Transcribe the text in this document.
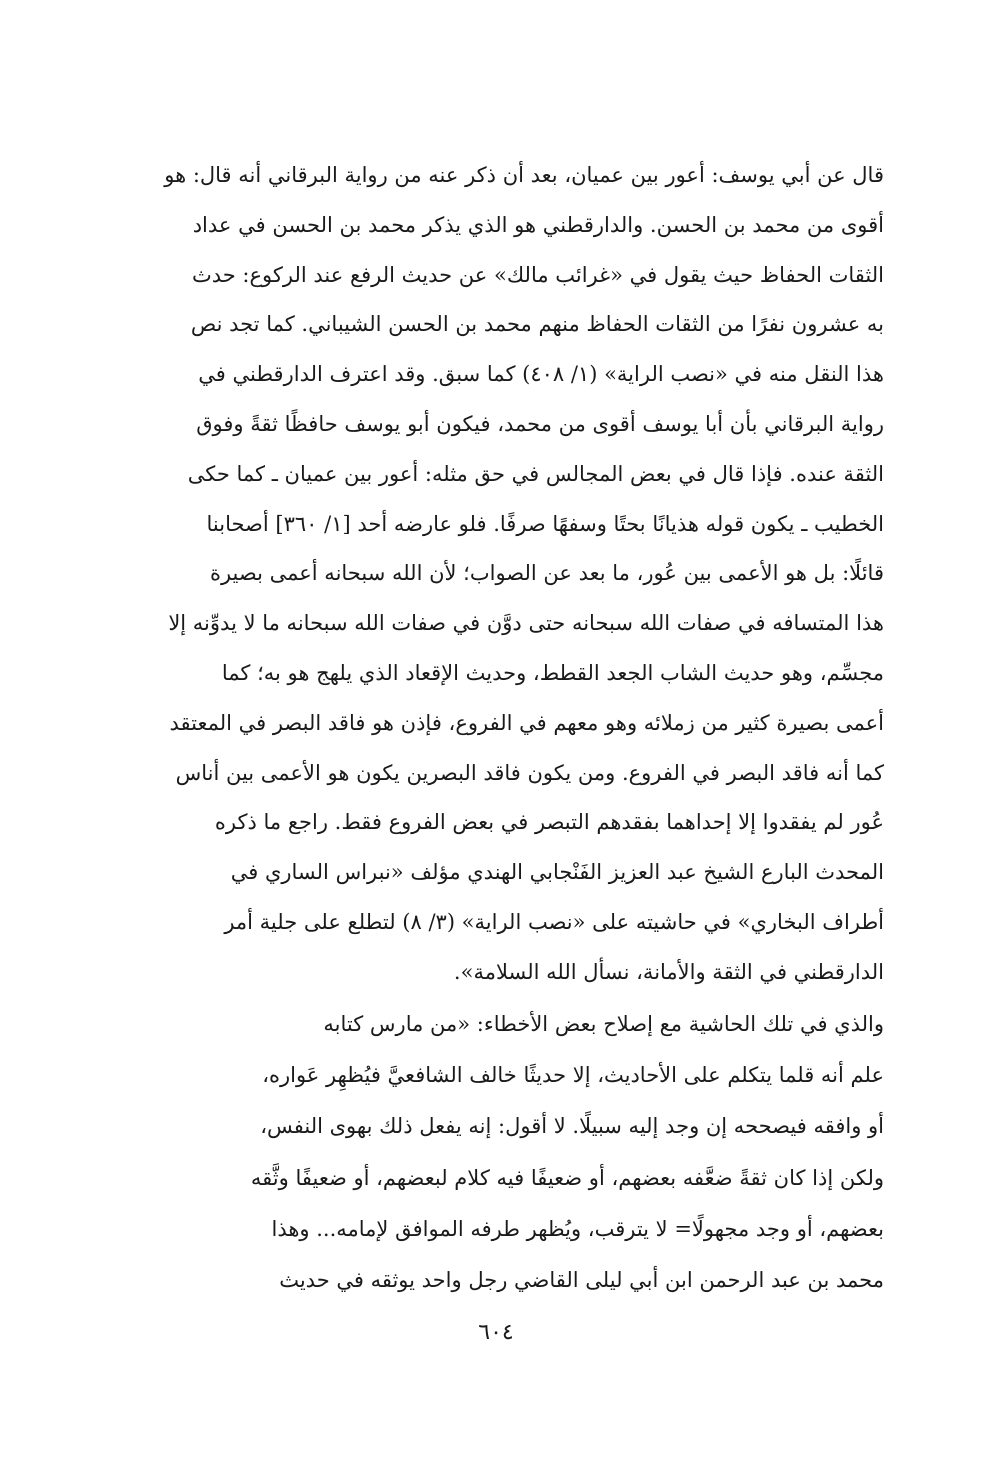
قال عن أبي يوسف: أعور بين عميان، بعد أن ذكر عنه من رواية البرقاني أنه قال: هو
أقوى من محمد بن الحسن. والدارقطني هو الذي يذكر محمد بن الحسن في عداد
الثقات الحفاظ حيث يقول في «غرائب مالك» عن حديث الرفع عند الركوع: حدث
به عشرون نفرًا من الثقات الحفاظ منهم محمد بن الحسن الشيباني. كما تجد نص
هذا النقل منه في «نصب الراية» (١/ ٤٠٨) كما سبق. وقد اعترف الدارقطني في
رواية البرقاني بأن أبا يوسف أقوى من محمد، فيكون أبو يوسف حافظًا ثقةً وفوق
الثقة عنده. فإذا قال في بعض المجالس في حق مثله: أعور بين عميان ـ كما حكى
الخطيب ـ يكون قوله هذيانًا بحتًا وسفهًا صرفًا. فلو عارضه أحد [١/ ٣٦٠] أصحابنا
قائلًا: بل هو الأعمى بين عُور، ما بعد عن الصواب؛ لأن الله سبحانه أعمى بصيرة
هذا المتسافه في صفات الله سبحانه حتى دوَّن في صفات الله سبحانه ما لا يدوِّنه إلا
مجسِّم، وهو حديث الشاب الجعد القطط، وحديث الإقعاد الذي يلهج هو به؛ كما
أعمى بصيرة كثير من زملائه وهو معهم في الفروع، فإذن هو فاقد البصر في المعتقد
كما أنه فاقد البصر في الفروع. ومن يكون فاقد البصرين يكون هو الأعمى بين أناس
عُور لم يفقدوا إلا إحداهما بفقدهم التبصر في بعض الفروع فقط. راجع ما ذكره
المحدث البارع الشيخ عبد العزيز الفَنْجابي الهندي مؤلف «نبراس الساري في
أطراف البخاري» في حاشيته على «نصب الراية» (٣/ ٨) لتطلع على جلية أمر
الدارقطني في الثقة والأمانة، نسأل الله السلامة».
والذي في تلك الحاشية مع إصلاح بعض الأخطاء: «من مارس كتابه
علم أنه قلما يتكلم على الأحاديث، إلا حديثًا خالف الشافعيَّ فيُظهِر عَواره،
أو وافقه فيصححه إن وجد إليه سبيلًا. لا أقول: إنه يفعل ذلك بهوى النفس،
ولكن إذا كان ثقةً ضعَّفه بعضهم، أو ضعيفًا فيه كلام لبعضهم، أو ضعيفًا وثَّقه
بعضهم، أو وجد مجهولًا= لا يترقب، ويُظهر طرفه الموافق لإمامه... وهذا
محمد بن عبد الرحمن ابن أبي ليلى القاضي رجل واحد يوثقه في حديث
٦٠٤
